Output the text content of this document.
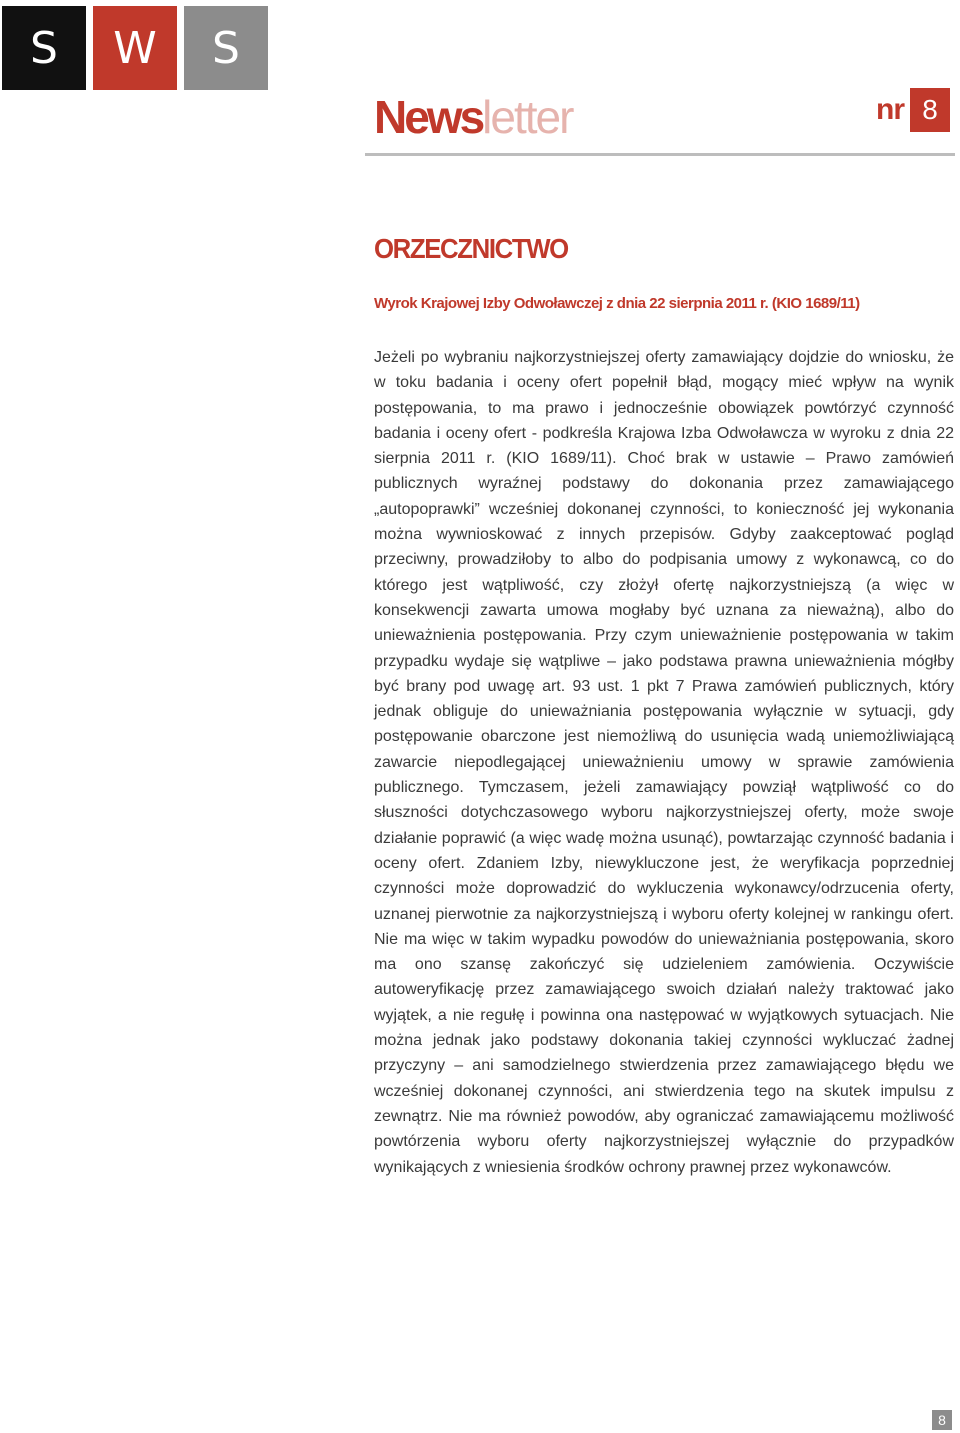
S	W	S
Newsletter	nr 8
ORZECZNICTWO
Wyrok Krajowej Izby Odwoławczej z dnia 22 sierpnia 2011 r. (KIO 1689/11)

Jeżeli po wybraniu najkorzystniejszej oferty zamawiający dojdzie do wniosku, że w toku badania i oceny ofert popełnił błąd, mogący mieć wpływ na wynik postępowania, to ma prawo i jednocześnie obowiązek powtórzyć czynność badania i oceny ofert - podkreśla Krajowa Izba Odwoławcza w wyroku z dnia 22 sierpnia 2011 r. (KIO 1689/11). Choć brak w ustawie – Prawo zamówień publicznych wyraźnej podstawy do dokonania przez zamawiającego „autopoprawki” wcześniej dokonanej czynności, to konieczność jej wykonania można wywnioskować z innych przepisów. Gdyby zaakceptować pogląd przeciwny, prowadziłoby to albo do podpisania umowy z wykonawcą, co do którego jest wątpliwość, czy złożył ofertę najkorzystniejszą (a więc w konsekwencji zawarta umowa mogłaby być uznana za nieważną), albo do unieważnienia postępowania. Przy czym unieważnienie postępowania w takim przypadku wydaje się wątpliwe – jako podstawa prawna unieważnienia mógłby być brany pod uwagę art. 93 ust. 1 pkt 7 Prawa zamówień publicznych, który jednak obliguje do unieważniania postępowania wyłącznie w sytuacji, gdy postępowanie obarczone jest niemożliwą do usunięcia wadą uniemożliwiającą zawarcie niepodlegającej unieważnieniu umowy w sprawie zamówienia publicznego. Tymczasem, jeżeli zamawiający powziął wątpliwość co do słuszności dotychczasowego wyboru najkorzystniejszej oferty, może swoje działanie poprawić (a więc wadę można usunąć), powtarzając czynność badania i oceny ofert. Zdaniem Izby, niewykluczone jest, że weryfikacja poprzedniej czynności może doprowadzić do wykluczenia wykonawcy/odrzucenia oferty, uznanej pierwotnie za najkorzystniejszą i wyboru oferty kolejnej w rankingu ofert. Nie ma więc w takim wypadku powodów do unieważniania postępowania, skoro ma ono szansę zakończyć się udzieleniem zamówienia. Oczywiście autoweryfikację przez zamawiającego swoich działań należy traktować jako wyjątek, a nie regułę i powinna ona następować w wyjątkowych sytuacjach. Nie można jednak jako podstawy dokonania takiej czynności wykluczać żadnej przyczyny – ani samodzielnego stwierdzenia przez zamawiającego błędu we wcześniej dokonanej czynności, ani stwierdzenia tego na skutek impulsu z zewnątrz. Nie ma również powodów, aby ograniczać zamawiającemu możliwość powtórzenia wyboru oferty najkorzystniejszej wyłącznie do przypadków wynikających z wniesienia środków ochrony prawnej przez wykonawców.

8
